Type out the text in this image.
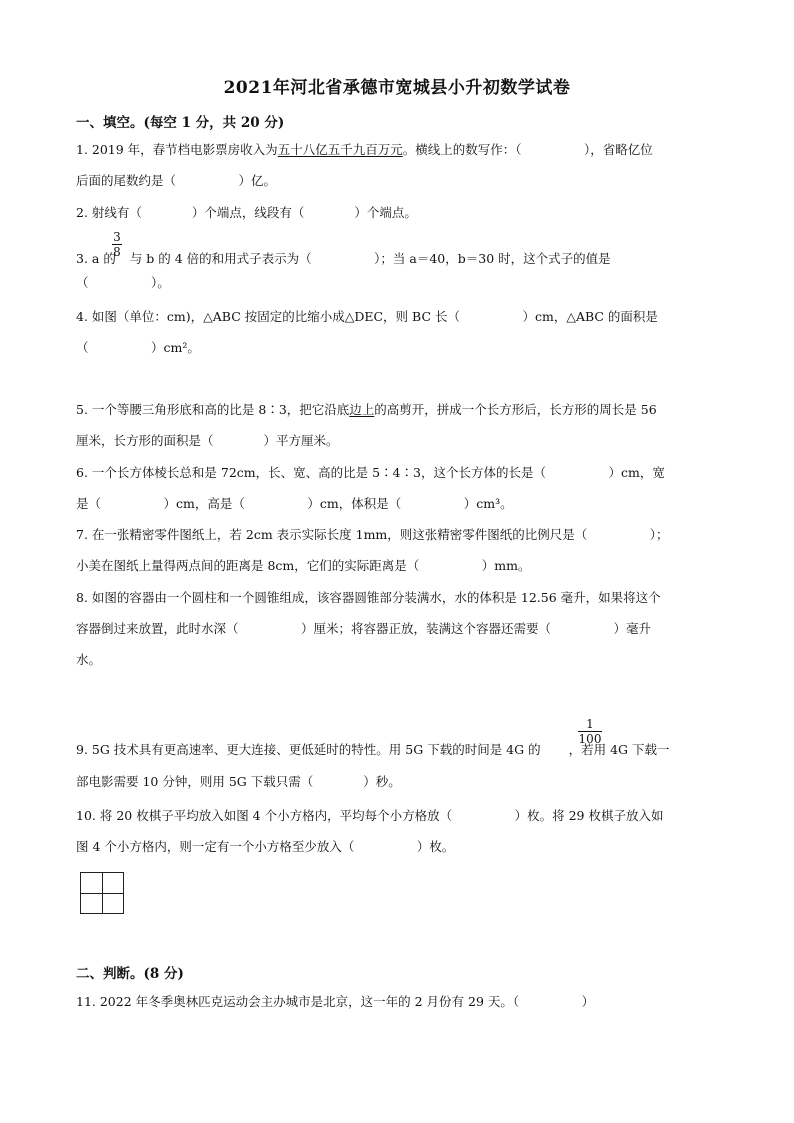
2021年河北省承德市宽城县小升初数学试卷
一、填空。(每空 1 分，共 20 分)
1. 2019 年，春节档电影票房收入为五十八亿五千九百万元。横线上的数写作：（　　　　　），省略亿位
后面的尾数约是（　　　　　）亿。
2. 射线有（　　　　）个端点，线段有（　　　　）个端点。
3. a 的 与 b 的 4 倍的和用式子表示为（　　　　　）；当 a＝40，b＝30 时，这个式子的值是
3
8
（　　　　　）。
4. 如图（单位：cm)，△ABC 按固定的比缩小成△DEC，则 BC 长（　　　　　）cm，△ABC 的面积是
（　　　　　）cm²。
5. 一个等腰三角形底和高的比是 8∶3，把它沿底边上的高剪开，拼成一个长方形后，长方形的周长是 56
厘米，长方形的面积是（　　　　）平方厘米。
6. 一个长方体棱长总和是 72cm，长、宽、高的比是 5∶4∶3，这个长方体的长是（　　　　　）cm，宽
是（　　　　　）cm，高是（　　　　　）cm，体积是（　　　　　）cm³。
7. 在一张精密零件图纸上，若 2cm 表示实际长度 1mm，则这张精密零件图纸的比例尺是（　　　　　）；
小美在图纸上量得两点间的距离是 8cm，它们的实际距离是（　　　　　）mm。
8. 如图的容器由一个圆柱和一个圆锥组成，该容器圆锥部分装满水，水的体积是 12.56 毫升，如果将这个
容器倒过来放置，此时水深（　　　　　）厘米；将容器正放，装满这个容器还需要（　　　　　）毫升
水。
1
100
9. 5G 技术具有更高速率、更大连接、更低延时的特性。用 5G 下载的时间是 4G 的 ，若用 4G 下载一
部电影需要 10 分钟，则用 5G 下载只需（　　　　）秒。
10. 将 20 枚棋子平均放入如图 4 个小方格内，平均每个小方格放（　　　　　）枚。将 29 枚棋子放入如
图 4 个小方格内，则一定有一个小方格至少放入（　　　　　）枚。
二、判断。(8 分)
11. 2022 年冬季奥林匹克运动会主办城市是北京，这一年的 2 月份有 29 天。（　　　　　）
